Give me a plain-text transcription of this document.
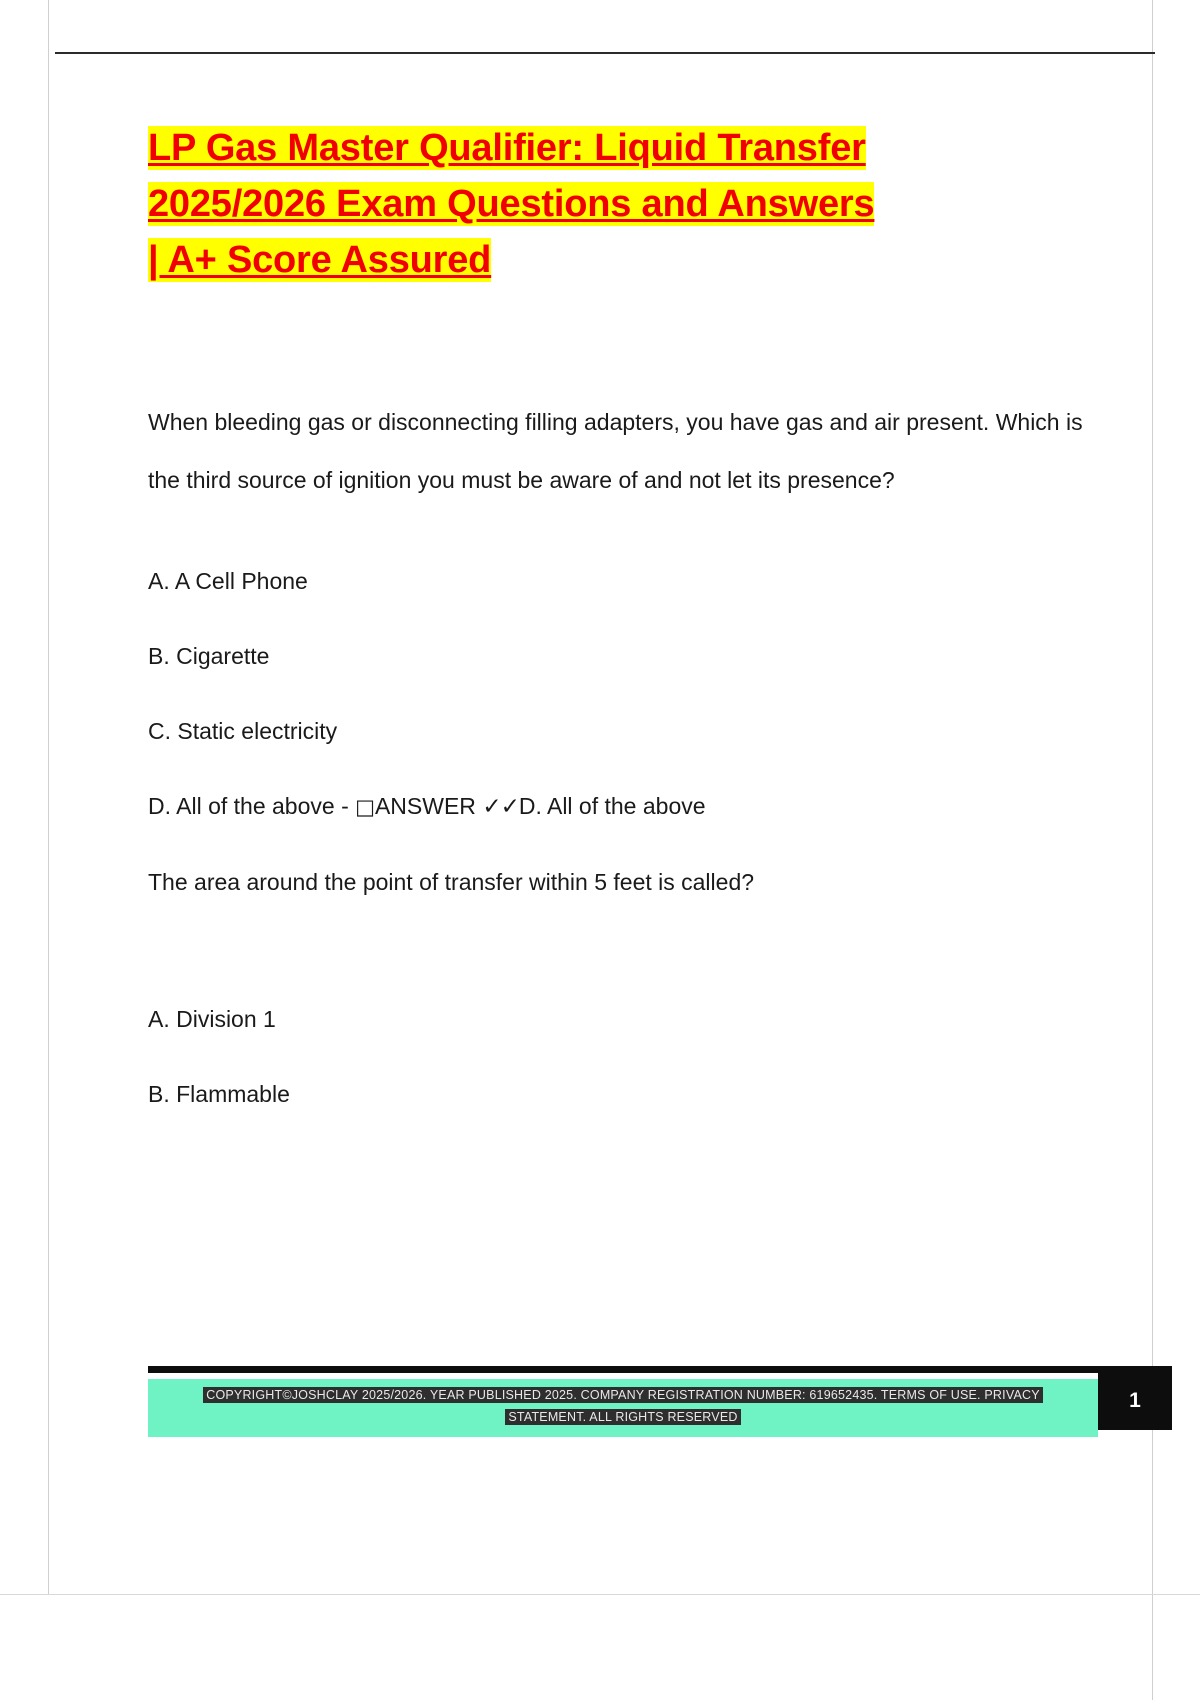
LP Gas Master Qualifier: Liquid Transfer
2025/2026 Exam Questions and Answers
| A+ Score Assured

When bleeding gas or disconnecting filling adapters, you have gas and air present. Which is the third source of ignition you must be aware of and not let its presence?

A. A Cell Phone

B. Cigarette

C. Static electricity

D. All of the above - □ANSWER ✓✓D. All of the above

The area around the point of transfer within 5 feet is called?

A. Division 1

B. Flammable

COPYRIGHT©JOSHCLAY 2025/2026. YEAR PUBLISHED 2025. COMPANY REGISTRATION NUMBER: 619652435. TERMS OF USE. PRIVACY
STATEMENT. ALL RIGHTS RESERVED
1
